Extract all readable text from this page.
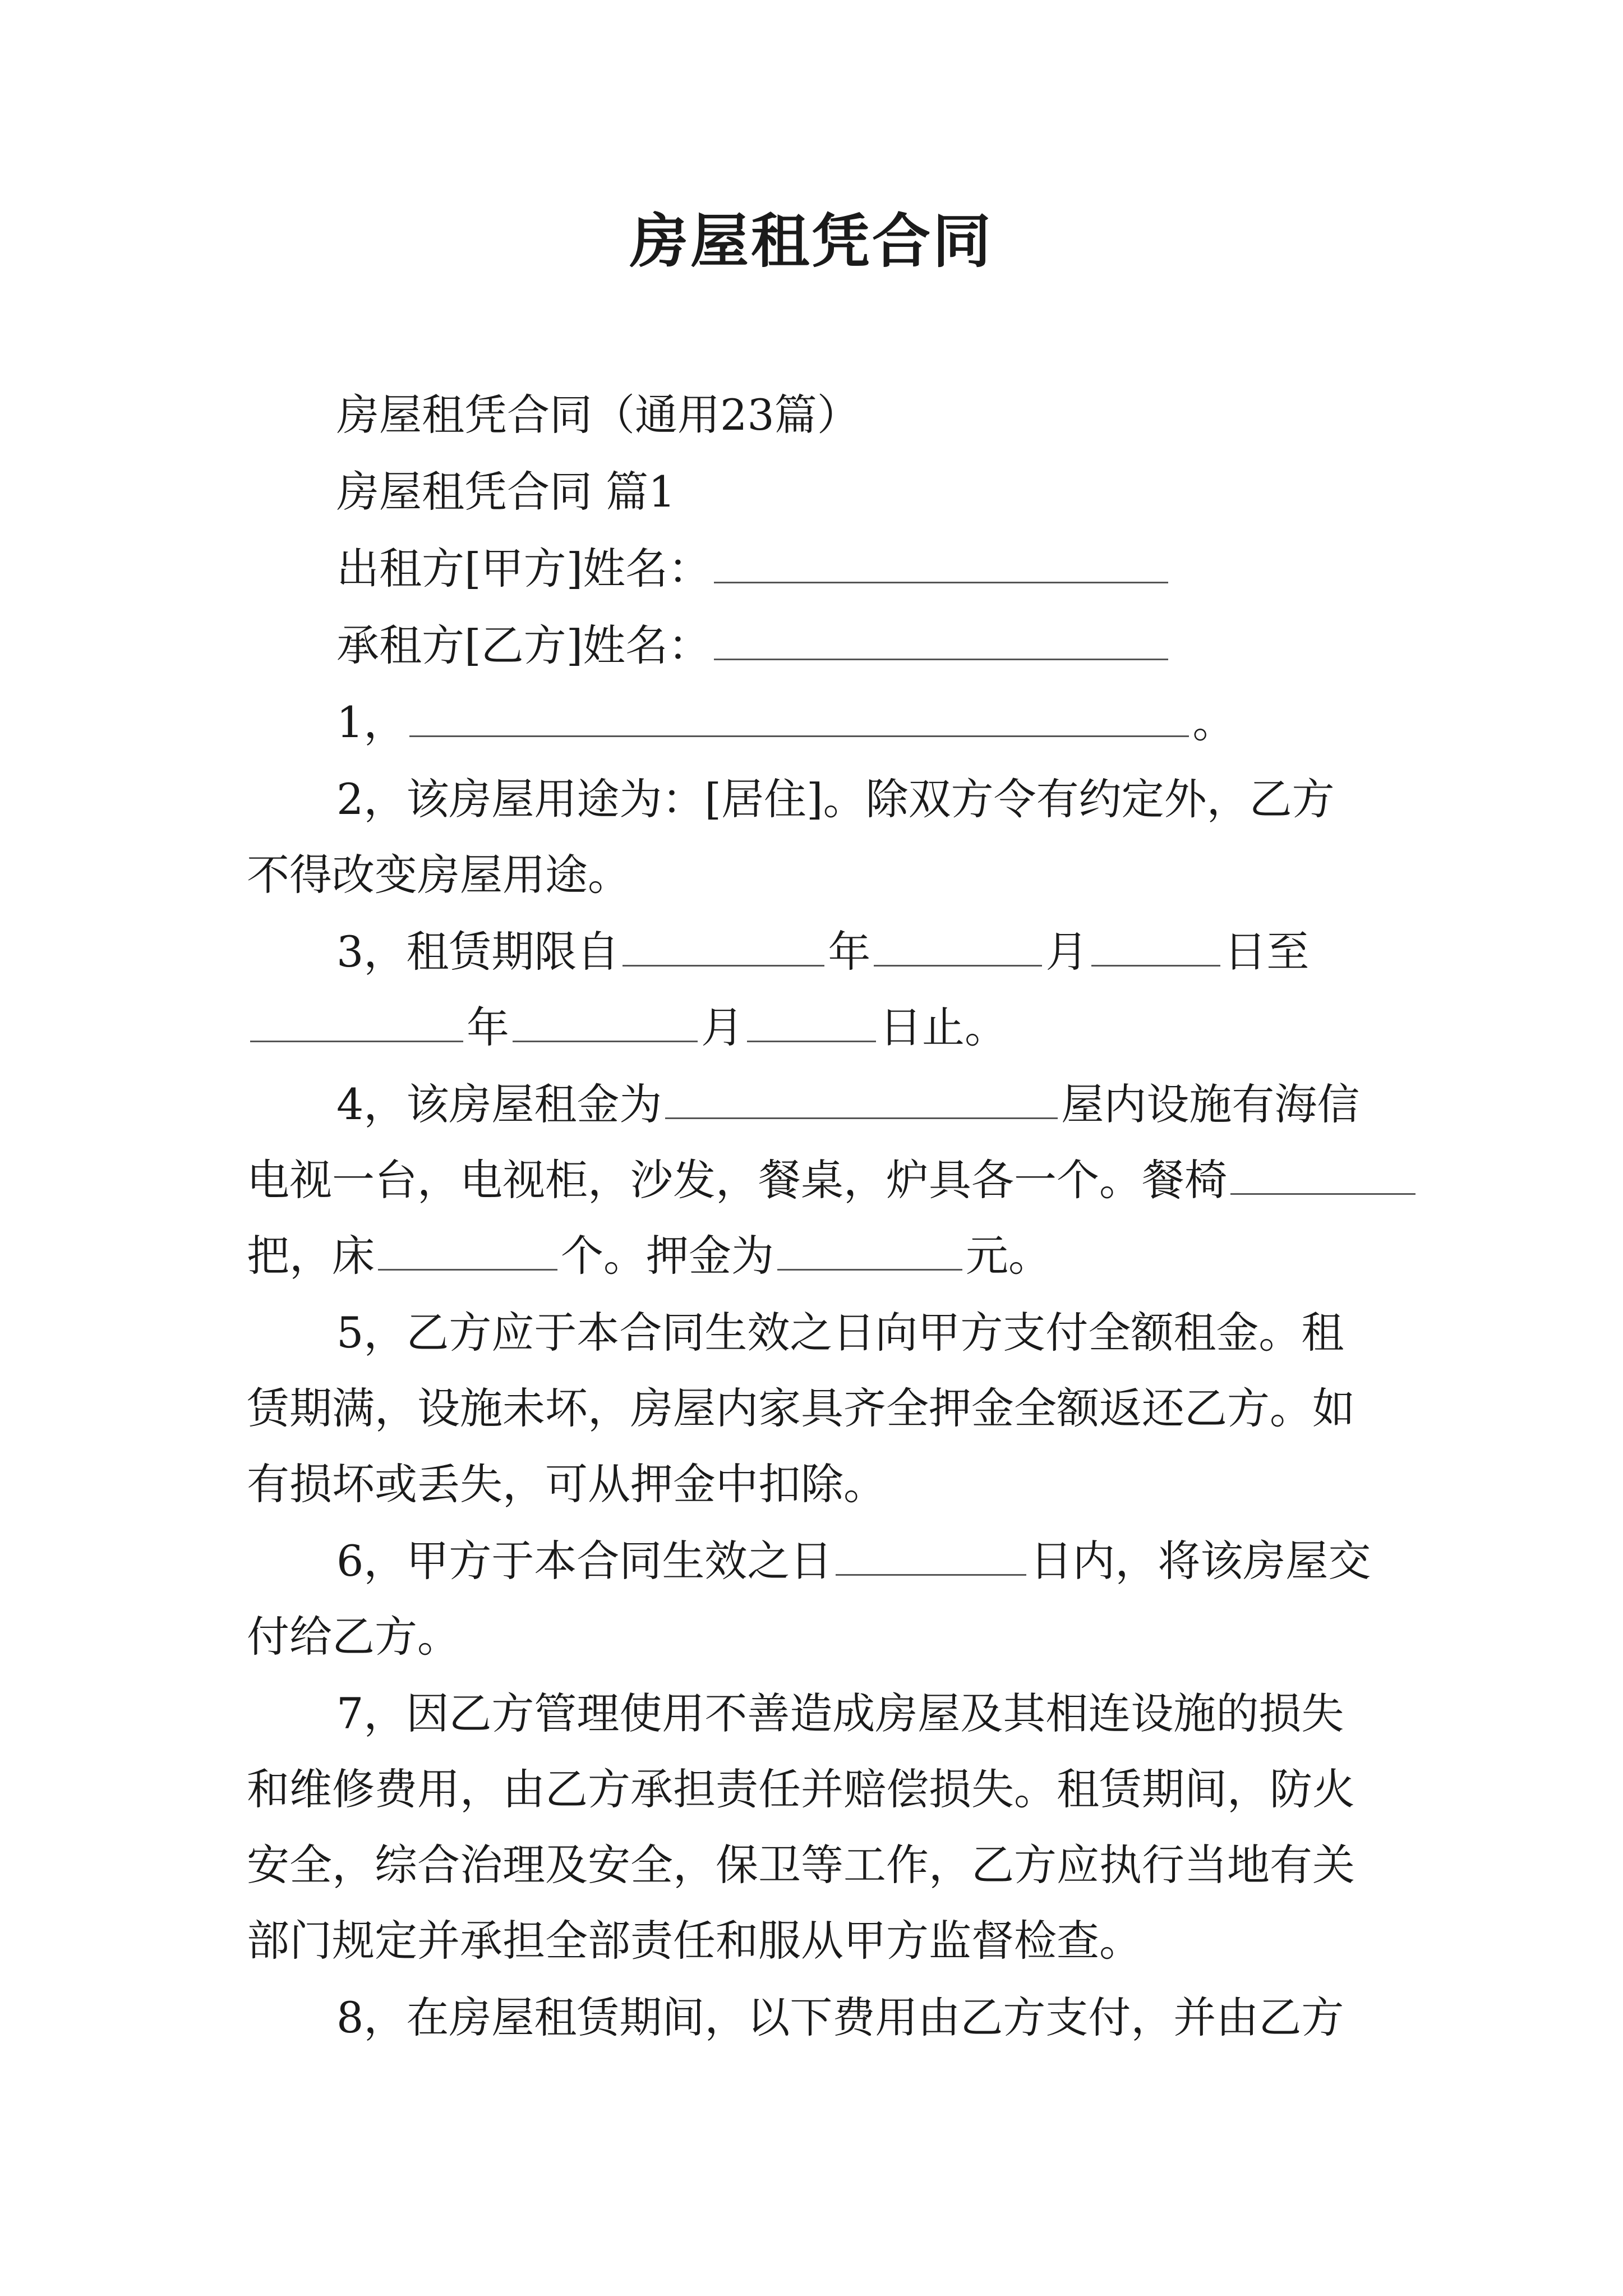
房屋租凭合同
房屋租凭合同（通用23篇）
房屋租凭合同 篇1
出租方[甲方]姓名：
承租方[乙方]姓名：
1，	。
2，该房屋用途为：[居住]。除双方令有约定外，乙方
不得改变房屋用途。
3，租赁期限自	年	月	日至
年	月	日止。
4，该房屋租金为	屋内设施有海信
电视一台，电视柜，沙发，餐桌，炉具各一个。餐椅
把，床	个。押金为	元。
5，乙方应于本合同生效之日向甲方支付全额租金。租
赁期满，设施未坏，房屋内家具齐全押金全额返还乙方。如
有损坏或丢失，可从押金中扣除。
6，甲方于本合同生效之日	日内，将该房屋交
付给乙方。
7，因乙方管理使用不善造成房屋及其相连设施的损失
和维修费用，由乙方承担责任并赔偿损失。租赁期间，防火
安全，综合治理及安全，保卫等工作，乙方应执行当地有关
部门规定并承担全部责任和服从甲方监督检查。
8，在房屋租赁期间，以下费用由乙方支付，并由乙方
